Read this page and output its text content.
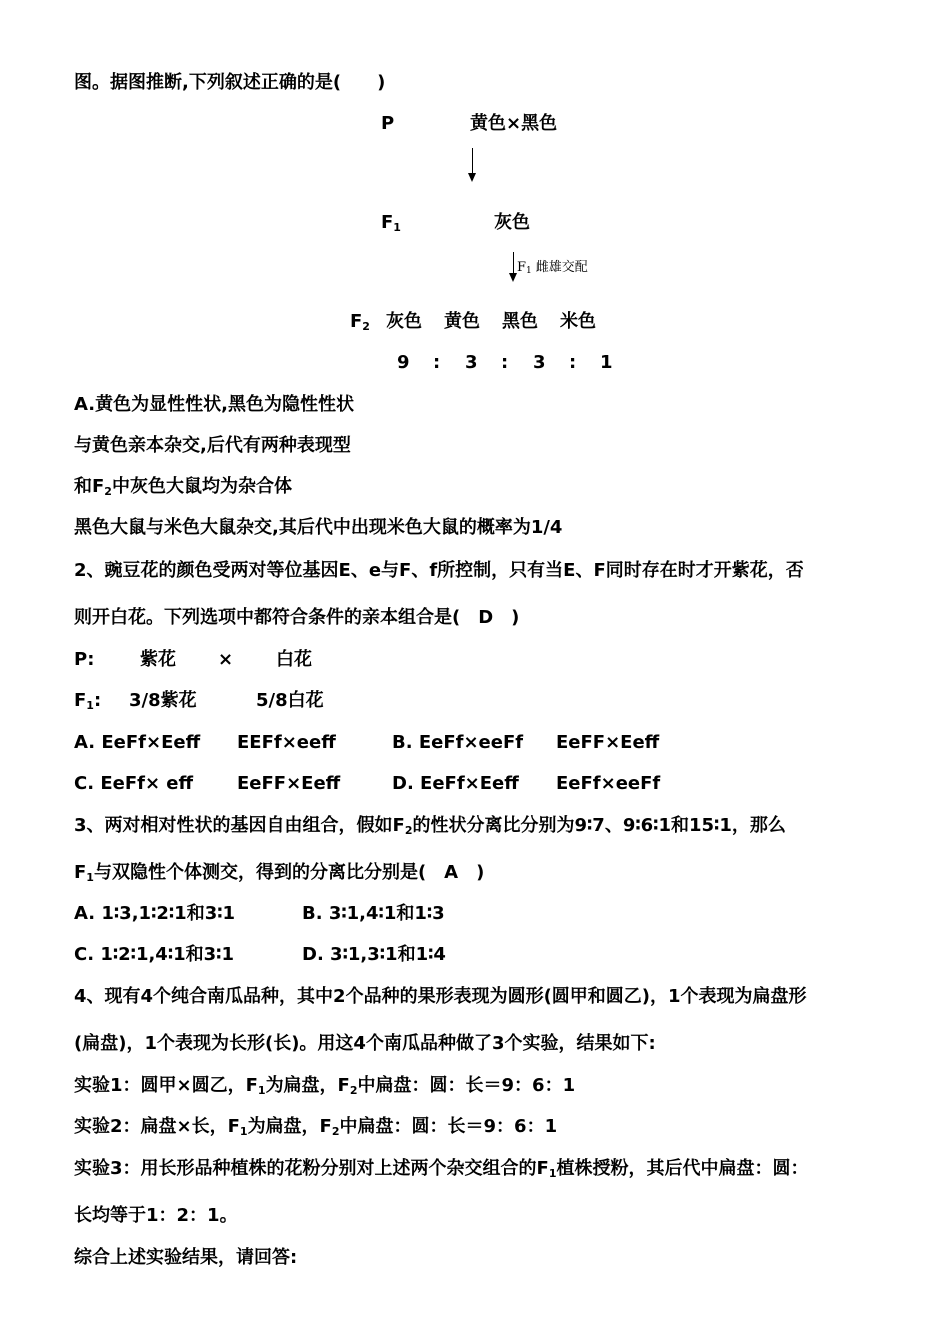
图。据图推断,下列叙述正确的是(　　)
P	黄色×黑色
F1	灰色
F1 雌雄交配
F2 灰色 黄色 黑色 米色
9 : 3 : 3 : 1
A.黄色为显性性状,黑色为隐性性状
与黄色亲本杂交,后代有两种表现型
和F2中灰色大鼠均为杂合体
黑色大鼠与米色大鼠杂交,其后代中出现米色大鼠的概率为1/4
2、豌豆花的颜色受两对等位基因E、e与F、f所控制，只有当E、F同时存在时才开紫花，否
则开白花。下列选项中都符合条件的亲本组合是(　D　)
P:	紫花 × 白花
F1: 3/8紫花	5/8白花
A. EeFf×Eeff EEFf×eeff	B. EeFf×eeFf EeFF×Eeff
C. EeFf× eff EeFF×Eeff	D. EeFf×Eeff EeFf×eeFf
3、两对相对性状的基因自由组合，假如F2的性状分离比分别为9∶7、9∶6∶1和15∶1，那么
F1与双隐性个体测交，得到的分离比分别是(　A　)
A. 1∶3,1∶2∶1和3∶1	B. 3∶1,4∶1和1∶3
C. 1∶2∶1,4∶1和3∶1	D. 3∶1,3∶1和1∶4
4、现有4个纯合南瓜品种，其中2个品种的果形表现为圆形(圆甲和圆乙)，1个表现为扁盘形
(扁盘)，1个表现为长形(长)。用这4个南瓜品种做了3个实验，结果如下:
实验1：圆甲×圆乙，F1为扁盘，F2中扁盘：圆：长＝9：6：1
实验2：扁盘×长，F1为扁盘，F2中扁盘：圆：长＝9：6：1
实验3：用长形品种植株的花粉分别对上述两个杂交组合的F1植株授粉，其后代中扁盘：圆：
长均等于1：2：1。
综合上述实验结果，请回答:
